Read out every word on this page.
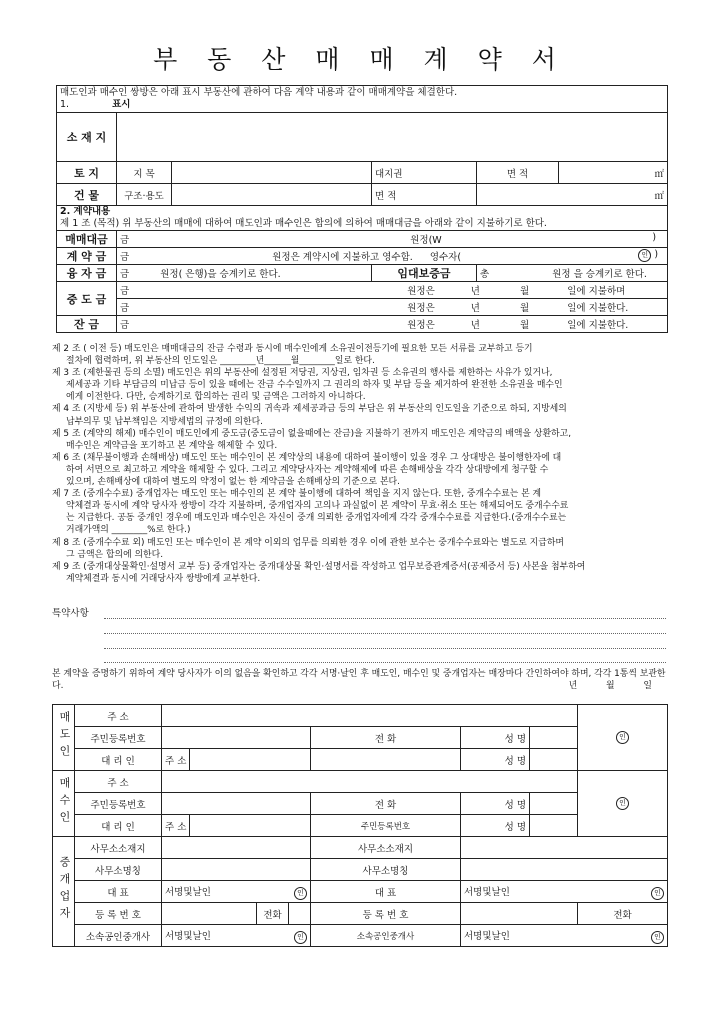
부 동 산 매 매 계 약 서
매도인과 매수인 쌍방은 아래 표시 부동산에 관하여 다음 계약 내용과 같이 매매계약을 체결한다.
1. 표시					

소 재 지					
토 지	지 목		대지권	면 적	㎡
건 물	구조·용도		면 적	㎡	

2. 계약내용
제 1 조 (목적) 위 부동산의 매매에 대하여 매도인과 매수인은 합의에 의하여 매매대금을 아래와 같이 지불하기로 한다.					

매매대금	금 원정(W )				

계 약 금	금 원정은 계약시에 지불하고 영수함. 영수자( 인 )				

융 자 금	금 원정( 은행)을 승계키로 한다.		임대보증금	총 원정 을 승계키로 한다.	
중 도 금	금 원정은 년 월 일에 지불하며				
	금 원정은 년 월 일에 지불한다.				
잔 금	금 원정은 년 월 일에 지불한다.				

제 2 조 ( 이전 등) 매도인은 매매대금의 잔금 수령과 동시에 매수인에게 소유권이전등기에 필요한 모든 서류를 교부하고 등기

절차에 협력하며, 위 부동산의 인도일은 ________년______월________일로 한다.

제 3 조 (제한물권 등의 소멸) 매도인은 위의 부동산에 설정된 저당권, 지상권, 임차권 등 소유권의 행사를 제한하는 사유가 있거나,

제세공과 기타 부담금의 미납금 등이 있을 때에는 잔금 수수일까지 그 권리의 하자 및 부담 등을 제거하여 완전한 소유권을 매수인

에게 이전한다. 다만, 승계하기로 합의하는 권리 및 금액은 그러하지 아니하다.

제 4 조 (지방세 등) 위 부동산에 관하여 발생한 수익의 귀속과 제세공과금 등의 부담은 위 부동산의 인도일을 기준으로 하되, 지방세의

납부의무 및 납부책임은 지방세법의 규정에 의한다.

제 5 조 (계약의 해제) 매수인이 매도인에게 중도금(중도금이 없을때에는 잔금)을 지불하기 전까지 매도인은 계약금의 배액을 상환하고,

매수인은 계약금을 포기하고 본 계약을 해제할 수 있다.

제 6 조 (채무불이행과 손해배상) 매도인 또는 매수인이 본 계약상의 내용에 대하여 불이행이 있을 경우 그 상대방은 불이행한자에 대

하여 서면으로 최고하고 계약을 해제할 수 있다. 그리고 계약당사자는 계약해제에 따른 손해배상을 각각 상대방에게 청구할 수

있으며, 손해배상에 대하여 별도의 약정이 없는 한 계약금을 손해배상의 기준으로 본다.

제 7 조 (중개수수료) 중개업자는 매도인 또는 매수인의 본 계약 불이행에 대하여 책임을 지지 않는다. 또한, 중개수수료는 본 계

약체결과 동시에 계약 당사자 쌍방이 각각 지불하며, 중개업자의 고의나 과실없이 본 계약이 무효·취소 또는 해제되어도 중개수수료

는 지급한다. 공동 중개인 경우에 매도인과 매수인은 자신이 중개 의뢰한 중개업자에게 각각 중개수수료를 지급한다.(중개수수료는

거래가액의 ________%로 한다.)

제 8 조 (중개수수료 외) 매도인 또는 매수인이 본 계약 이외의 업무를 의뢰한 경우 이에 관한 보수는 중개수수료와는 별도로 지급하며

그 금액은 합의에 의한다.

제 9 조 (중개대상물확인·설명서 교부 등) 중개업자는 중개대상물 확인·설명서를 작성하고 업무보증관계증서(공제증서 등) 사본을 첨부하여

계약체결과 동시에 거래당사자 쌍방에게 교부한다.

특약사항
본 계약을 증명하기 위하여 계약 당사자가 이의 없음을 확인하고 각각 서명·날인 후 매도인, 매수인 및 중개업자는 매장마다 간인하여야 하며, 각각 1통씩 보관한다.	년	월	일
매도인	주 소								인	
	주민등록번호					전 화	성 명			
	대 리 인	주 소					성 명			
매수인	주 소								인	
	주민등록번호					전 화	성 명			
	대 리 인	주 소				주민등록번호	성 명			
중개업자	사무소소재지					사무소소재지				
	사무소명칭					사무소명칭				
	대 표	서명및날인 인				대 표	서명및날인 인			

	등 록 번 호			전화		등 록 번 호			전화	
	소속공인중개사	서명및날인 인				소속공인중개사	서명및날인 인			
